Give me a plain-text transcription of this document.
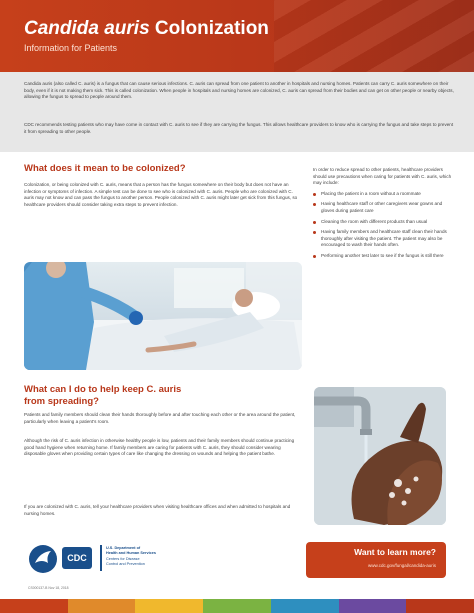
Candida auris Colonization
Information for Patients

Candida auris (also called C. auris) is a fungus that can cause serious infections. C. auris can spread from one patient to another in hospitals and nursing homes. Patients can carry C. auris somewhere on their body, even if it is not making them sick. This is called colonization. When people in hospitals and nursing homes are colonized, C. auris can spread from their bodies and can get on other people or nearby objects, allowing the fungus to spread to people around them.

CDC recommends testing patients who may have come in contact with C. auris to see if they are carrying the fungus. This allows healthcare providers to know who is carrying the fungus and take steps to prevent it from spreading to other people.

What does it mean to be colonized?

Colonization, or being colonized with C. auris, means that a person has the fungus somewhere on their body but does not have an infection or symptoms of infection. A simple test can be done to see who is colonized with C. auris. People who are colonized with C. auris may not know and can pass the fungus to another person. People colonized with C. auris might later get sick from this fungus, so healthcare providers should consider taking extra steps to prevent infection.

In order to reduce spread to other patients, healthcare providers should use precautions when caring for patients with C. auris, which may include:

Placing the patient in a room without a roommate
Having healthcare staff or other caregivers wear gowns and gloves during patient care
Cleaning the room with different products than usual
Having family members and healthcare staff clean their hands thoroughly after visiting the patient. The patient may also be encouraged to wash their hands often.
Performing another test later to see if the fungus is still there
What can I do to help keep C. auris
from spreading?

Patients and family members should clean their hands thoroughly before and after touching each other or the area around the patient, particularly when leaving a patient's room.

Although the risk of C. auris infection in otherwise healthy people is low, patients and their family members should continue practicing good hand hygiene when returning home. If family members are caring for patients with C. auris, they should consider wearing disposable gloves when providing certain types of care like changing the dressing on wounds and helping the patient bathe.

If you are colonized with C. auris, tell your healthcare providers when visiting healthcare offices and when admitted to hospitals and nursing homes.

CDC
U.S. Department of
Health and Human Services
Centers for Disease
Control and Prevention
Want to learn more?
www.cdc.gov/fungal/candida-auris
CS000137-B Nov 18, 2018
